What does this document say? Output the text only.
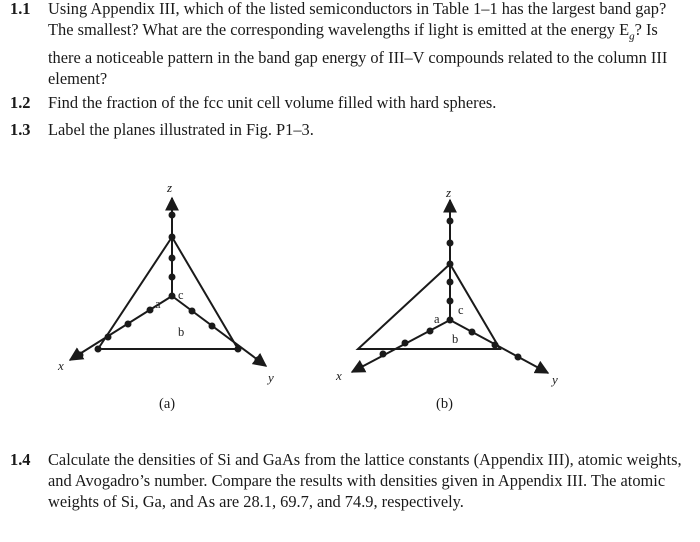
1.1 Using Appendix III, which of the listed semiconductors in Table 1–1 has the largest band gap? The smallest? What are the corresponding wavelengths if light is emitted at the energy $E_g$? Is there a noticeable pattern in the band gap energy of III–V compounds related to the column III element?
1.2 Find the fraction of the fcc unit cell volume filled with hard spheres.
1.3 Label the planes illustrated in Fig. P1–3.
z
x
y
a
c
b
z
x	y
a
c
b
(a)	(b)
1.4 Calculate the densities of Si and GaAs from the lattice constants (Appendix III), atomic weights, and Avogadro’s number. Compare the results with densities given in Appendix III. The atomic weights of Si, Ga, and As are 28.1, 69.7, and 74.9, respectively.
